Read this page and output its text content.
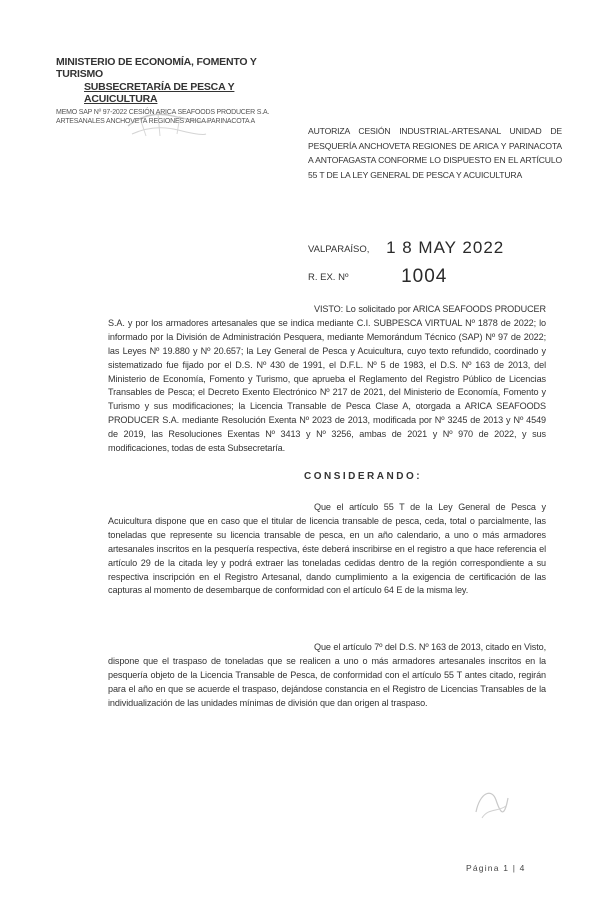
MINISTERIO DE ECONOMÍA, FOMENTO Y TURISMO
SUBSECRETARÍA DE PESCA Y ACUICULTURA
MEMO SAP Nº 97-2022 CESIÓN ARICA SEAFOODS PRODUCER S.A.
ARTESANALES ANCHOVETA REGIONES ARICA PARINACOTA A
AUTORIZA CESIÓN INDUSTRIAL-ARTESANAL UNIDAD DE PESQUERÍA ANCHOVETA REGIONES DE ARICA Y PARINACOTA A ANTOFAGASTA CONFORME LO DISPUESTO EN EL ARTÍCULO 55 T DE LA LEY GENERAL DE PESCA Y ACUICULTURA
VALPARAÍSO, 1 8 MAY 2022
R. EX. Nº	1004
VISTO: Lo solicitado por ARICA SEAFOODS PRODUCER S.A. y por los armadores artesanales que se indica mediante C.I. SUBPESCA VIRTUAL Nº 1878 de 2022; lo informado por la División de Administración Pesquera, mediante Memorándum Técnico (SAP) Nº 97 de 2022; las Leyes Nº 19.880 y Nº 20.657; la Ley General de Pesca y Acuicultura, cuyo texto refundido, coordinado y sistematizado fue fijado por el D.S. Nº 430 de 1991, el D.F.L. Nº 5 de 1983, el D.S. Nº 163 de 2013, del Ministerio de Economía, Fomento y Turismo, que aprueba el Reglamento del Registro Público de Licencias Transables de Pesca; el Decreto Exento Electrónico Nº 217 de 2021, del Ministerio de Economía, Fomento y Turismo y sus modificaciones; la Licencia Transable de Pesca Clase A, otorgada a ARICA SEAFOODS PRODUCER S.A. mediante Resolución Exenta Nº 2023 de 2013, modificada por Nº 3245 de 2013 y Nº 4549 de 2019, las Resoluciones Exentas Nº 3413 y Nº 3256, ambas de 2021 y Nº 970 de 2022, y sus modificaciones, todas de esta Subsecretaría.
CONSIDERANDO:
Que el artículo 55 T de la Ley General de Pesca y Acuicultura dispone que en caso que el titular de licencia transable de pesca, ceda, total o parcialmente, las toneladas que represente su licencia transable de pesca, en un año calendario, a uno o más armadores artesanales inscritos en la pesquería respectiva, éste deberá inscribirse en el registro a que hace referencia el artículo 29 de la citada ley y podrá extraer las toneladas cedidas dentro de la región correspondiente a su respectiva inscripción en el Registro Artesanal, dando cumplimiento a la exigencia de certificación de las capturas al momento de desembarque de conformidad con el artículo 64 E de la misma ley.
Que el artículo 7º del D.S. Nº 163 de 2013, citado en Visto, dispone que el traspaso de toneladas que se realicen a uno o más armadores artesanales inscritos en la pesquería objeto de la Licencia Transable de Pesca, de conformidad con el artículo 55 T antes citado, regirán para el año en que se acuerde el traspaso, dejándose constancia en el Registro de Licencias Transables de la individualización de las unidades mínimas de división que dan origen al traspaso.
Página 1 | 4
